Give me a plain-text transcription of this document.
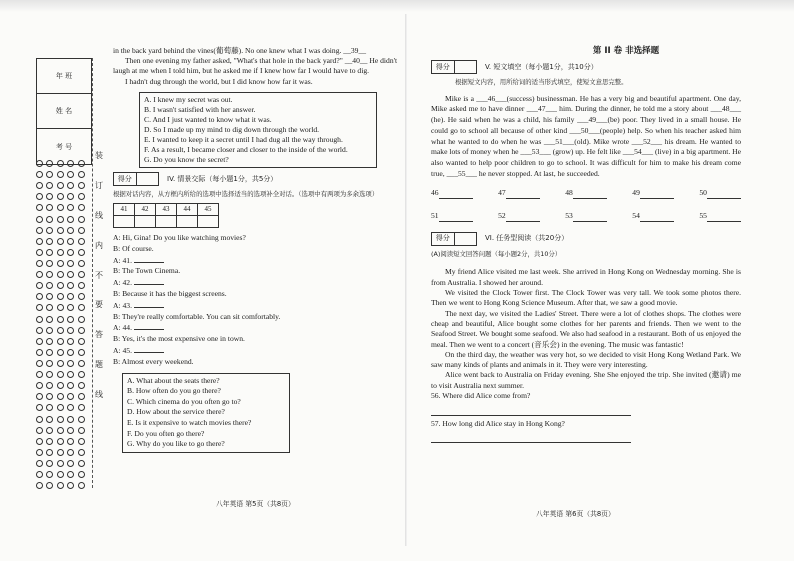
年 班
姓 名
考 号
装
订
线
内
不
要
答
题
线
in the back yard behind the vines(葡萄藤). No one knew what I was doing. __39__
Then one evening my father asked, "What's that hole in the back yard?" __40__ He didn't laugh at me when I told him, but he asked me if I knew how far I would have to dig.
I hadn't dug through the world, but I did know how far it was.
A. I knew my secret was out.
B. I wasn't satisfied with her answer.
C. And I just wanted to know what it was.
D. So I made up my mind to dig down through the world.
E. I wanted to keep it a secret until I had dug all the way through.
F. As a result, I became closer and closer to the inside of the world.
G. Do you know the secret?
得分	IV. 情景交际（每小题1分，共5分）
根据对话内容，从方框内所给的选项中选择适当的选项补全对话。（选项中有两项为多余选项）
41	42	43	44	45

A: Hi, Gina! Do you like watching movies?
B: Of course.
A: 41.
B: The Town Cinema.
A: 42.
B: Because it has the biggest screens.
A: 43.
B: They're really comfortable. You can sit comfortably.
A: 44.
B: Yes, it's the most expensive one in town.
A: 45.
B: Almost every weekend.
A. What about the seats there?
B. How often do you go there?
C. Which cinema do you often go to?
D. How about the service there?
E. Is it expensive to watch movies there?
F. Do you often go there?
G. Why do you like to go there?
八年英语 第5页（共8页）
第 II 卷 非选择题
得分	V. 短文填空（每小题1分，共10分）
根据短文内容，用所给词的适当形式填空，使短文意思完整。
Mike is a ___46___(success) businessman. He has a very big and beautiful apartment. One day, Mike asked me to have dinner ___47___ him. During the dinner, he told me a story about ___48___ (he). He said when he was a child, his family ___49___(be) poor. They lived in a small house. He could go to school all because of other kind ___50___(people) help. So when his teacher asked him what he wanted to do when he was ___51___(old). Mike wrote ___52___ his dream. He wanted to make lots of money when he ___53___ (grow) up. He felt like ___54___ (live) in a big apartment. He also wanted to help poor children to go to school. It was difficult for him to make his dream come true, ___55___ he never stopped. At last, he succeeded.
46	47	48	49	50
51	52	53	54	55
得分	VI. 任务型阅读（共20分）
(A)阅读短文回答问题（每小题2分，共10分）
My friend Alice visited me last week. She arrived in Hong Kong on Wednesday morning. She is from Australia. I showed her around.
We visited the Clock Tower first. The Clock Tower was very tall. We took some photos there. Then we went to Hong Kong Science Museum. After that, we saw a good movie.
The next day, we visited the Ladies' Street. There were a lot of clothes shops. The clothes were cheap and beautiful, Alice bought some clothes for her parents and friends. Then we went to the Seafood Street. We bought some seafood. We also had seafood in a restaurant. Both of us enjoyed the meal. Then we went to a concert (音乐会) in the evening. The music was fantastic!
On the third day, the weather was very hot, so we decided to visit Hong Kong Wetland Park. We saw many kinds of plants and animals in it. They were very interesting.
Alice went back to Australia on Friday evening. She She enjoyed the trip. She invited (邀请) me to visit Australia next summer.
56. Where did Alice come from?
57. How long did Alice stay in Hong Kong?
八年英语 第6页（共8页）
